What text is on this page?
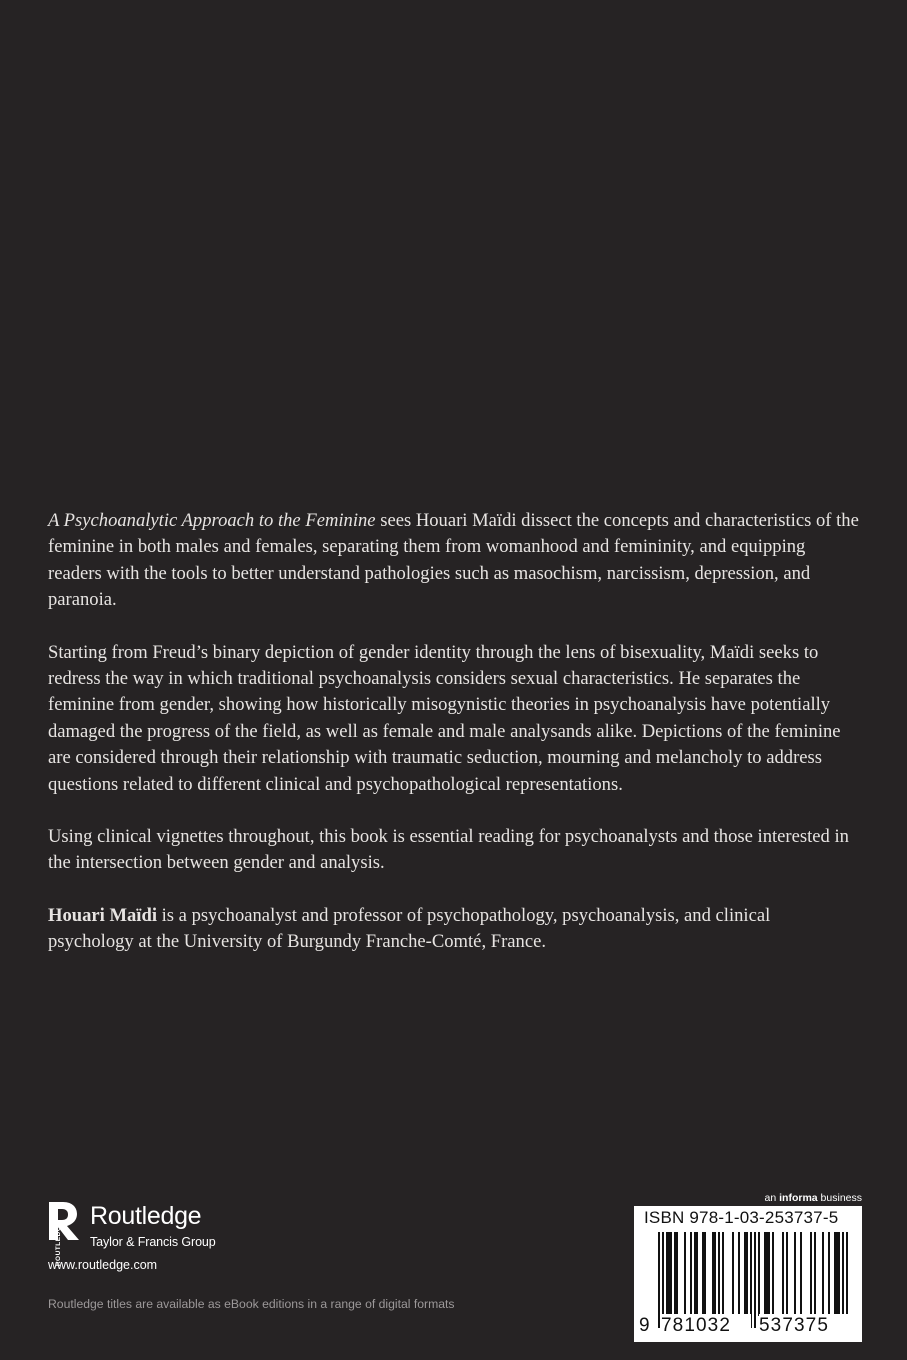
A Psychoanalytic Approach to the Feminine sees Houari Maïdi dissect the concepts and characteristics of the feminine in both males and females, separating them from womanhood and femininity, and equipping readers with the tools to better understand pathologies such as masochism, narcissism, depression, and paranoia.

Starting from Freud’s binary depiction of gender identity through the lens of bisexuality, Maïdi seeks to redress the way in which traditional psychoanalysis considers sexual characteristics. He separates the feminine from gender, showing how historically misogynistic theories in psychoanalysis have potentially damaged the progress of the field, as well as female and male analysands alike. Depictions of the feminine are considered through their relationship with traumatic seduction, mourning and melancholy to address questions related to different clinical and psychopathological representations.

Using clinical vignettes throughout, this book is essential reading for psychoanalysts and those interested in the intersection between gender and analysis.

Houari Maïdi is a psychoanalyst and professor of psychopathology, psychoanalysis, and clinical psychology at the University of Burgundy Franche-Comté, France.

ROUTLEDGE
Routledge
Taylor & Francis Group
www.routledge.com
Routledge titles are available as eBook editions in a range of digital formats
an informa business
ISBN 978-1-03-253737-5
9 781032	537375
